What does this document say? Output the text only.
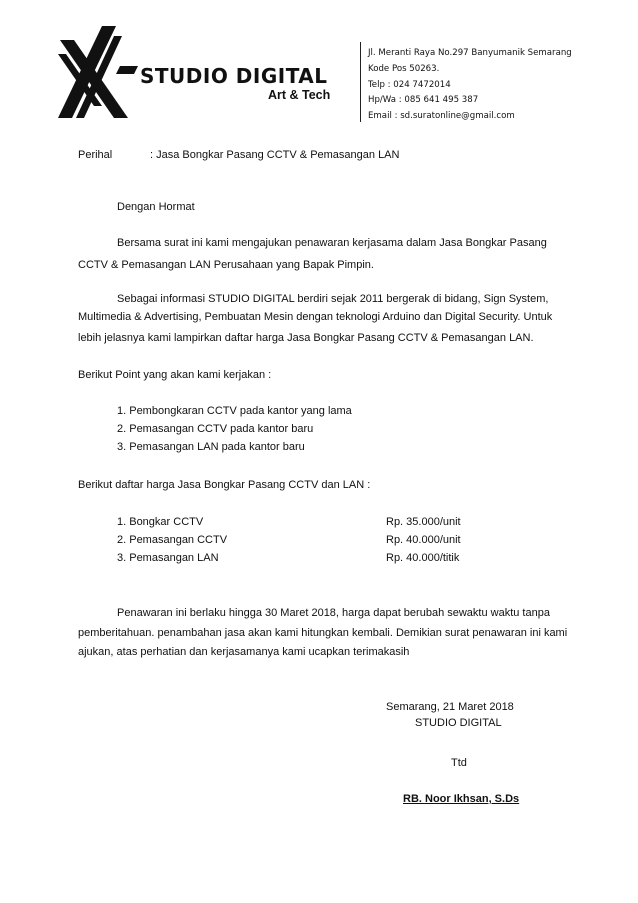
STUDIO DIGITAL
Art & Tech
Jl. Meranti Raya No.297 Banyumanik Semarang
Kode Pos 50263.
Telp : 024 7472014
Hp/Wa : 085 641 495 387
Email : sd.suratonline@gmail.com
Perihal	: Jasa Bongkar Pasang CCTV & Pemasangan LAN
Dengan Hormat
Bersama surat ini kami mengajukan penawaran kerjasama dalam Jasa Bongkar Pasang
CCTV & Pemasangan LAN Perusahaan yang Bapak Pimpin.
Sebagai informasi STUDIO DIGITAL berdiri sejak 2011 bergerak di bidang, Sign System,
Multimedia & Advertising, Pembuatan Mesin dengan teknologi Arduino dan Digital Security. Untuk
lebih jelasnya kami lampirkan daftar harga Jasa Bongkar Pasang CCTV & Pemasangan LAN.
Berikut Point yang akan kami kerjakan :
1. Pembongkaran CCTV pada kantor yang lama
2. Pemasangan CCTV pada kantor baru
3. Pemasangan LAN pada kantor baru
Berikut daftar harga Jasa Bongkar Pasang CCTV dan LAN :
1. Bongkar CCTV	Rp. 35.000/unit
2. Pemasangan CCTV	Rp. 40.000/unit
3. Pemasangan LAN	Rp. 40.000/titik
Penawaran ini berlaku hingga 30 Maret 2018, harga dapat berubah sewaktu waktu tanpa
pemberitahuan. penambahan jasa akan kami hitungkan kembali. Demikian surat penawaran ini kami
ajukan, atas perhatian dan kerjasamanya kami ucapkan terimakasih
Semarang, 21 Maret 2018
STUDIO DIGITAL
Ttd
RB. Noor Ikhsan, S.Ds
